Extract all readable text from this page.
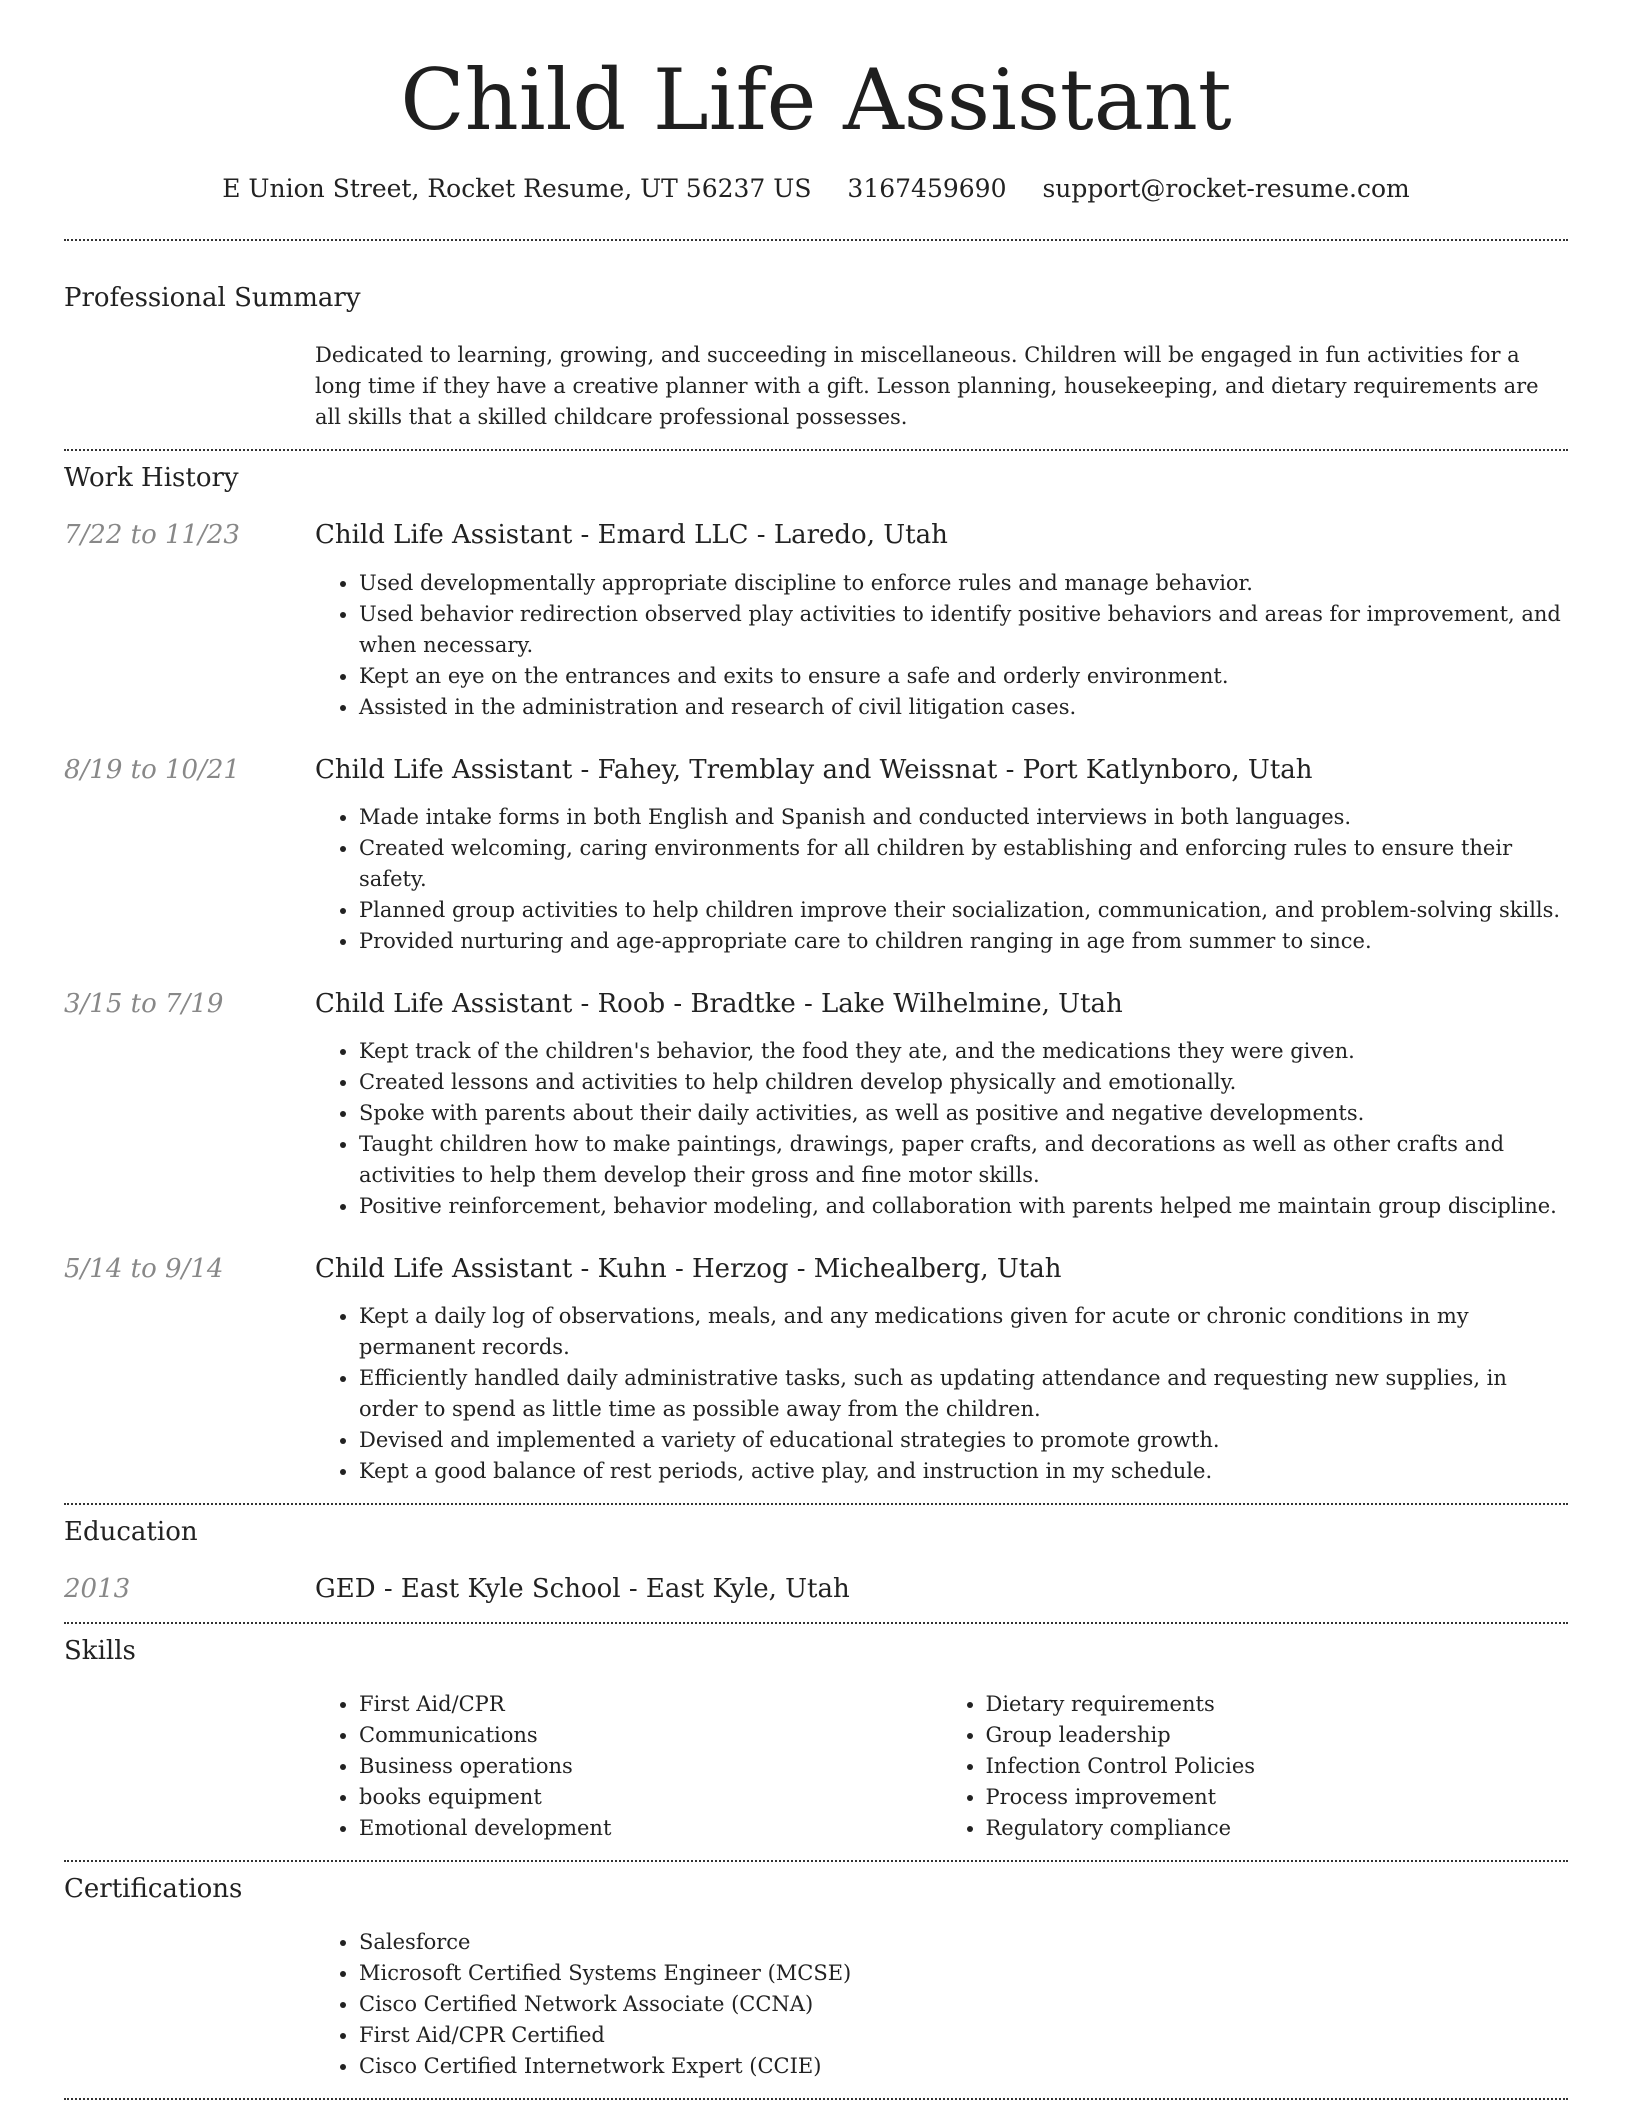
Child Life Assistant
E Union Street, Rocket Resume, UT 56237 US 3167459690 support@rocket-resume.com
Professional Summary
Dedicated to learning, growing, and succeeding in miscellaneous. Children will be engaged in fun activities for a long time if they have a creative planner with a gift. Lesson planning, housekeeping, and dietary requirements are all skills that a skilled childcare professional possesses.
Work History
7/22 to 11/23	Child Life Assistant - Emard LLC - Laredo, Utah
• Used developmentally appropriate discipline to enforce rules and manage behavior.
• Used behavior redirection observed play activities to identify positive behaviors and areas for improvement, and when necessary.
• Kept an eye on the entrances and exits to ensure a safe and orderly environment.
• Assisted in the administration and research of civil litigation cases.
8/19 to 10/21	Child Life Assistant - Fahey, Tremblay and Weissnat - Port Katlynboro, Utah
• Made intake forms in both English and Spanish and conducted interviews in both languages.
• Created welcoming, caring environments for all children by establishing and enforcing rules to ensure their safety.
• Planned group activities to help children improve their socialization, communication, and problem-solving skills.
• Provided nurturing and age-appropriate care to children ranging in age from summer to since.
3/15 to 7/19	Child Life Assistant - Roob - Bradtke - Lake Wilhelmine, Utah
• Kept track of the children's behavior, the food they ate, and the medications they were given.
• Created lessons and activities to help children develop physically and emotionally.
• Spoke with parents about their daily activities, as well as positive and negative developments.
• Taught children how to make paintings, drawings, paper crafts, and decorations as well as other crafts and activities to help them develop their gross and fine motor skills.
• Positive reinforcement, behavior modeling, and collaboration with parents helped me maintain group discipline.
5/14 to 9/14	Child Life Assistant - Kuhn - Herzog - Michealberg, Utah
• Kept a daily log of observations, meals, and any medications given for acute or chronic conditions in my permanent records.
• Efficiently handled daily administrative tasks, such as updating attendance and requesting new supplies, in order to spend as little time as possible away from the children.
• Devised and implemented a variety of educational strategies to promote growth.
• Kept a good balance of rest periods, active play, and instruction in my schedule.
Education
2013	GED - East Kyle School - East Kyle, Utah
Skills
• First Aid/CPR
• Communications
• Business operations
• books equipment
• Emotional development
• Dietary requirements
• Group leadership
• Infection Control Policies
• Process improvement
• Regulatory compliance
Certifications
• Salesforce
• Microsoft Certified Systems Engineer (MCSE)
• Cisco Certified Network Associate (CCNA)
• First Aid/CPR Certified
• Cisco Certified Internetwork Expert (CCIE)
